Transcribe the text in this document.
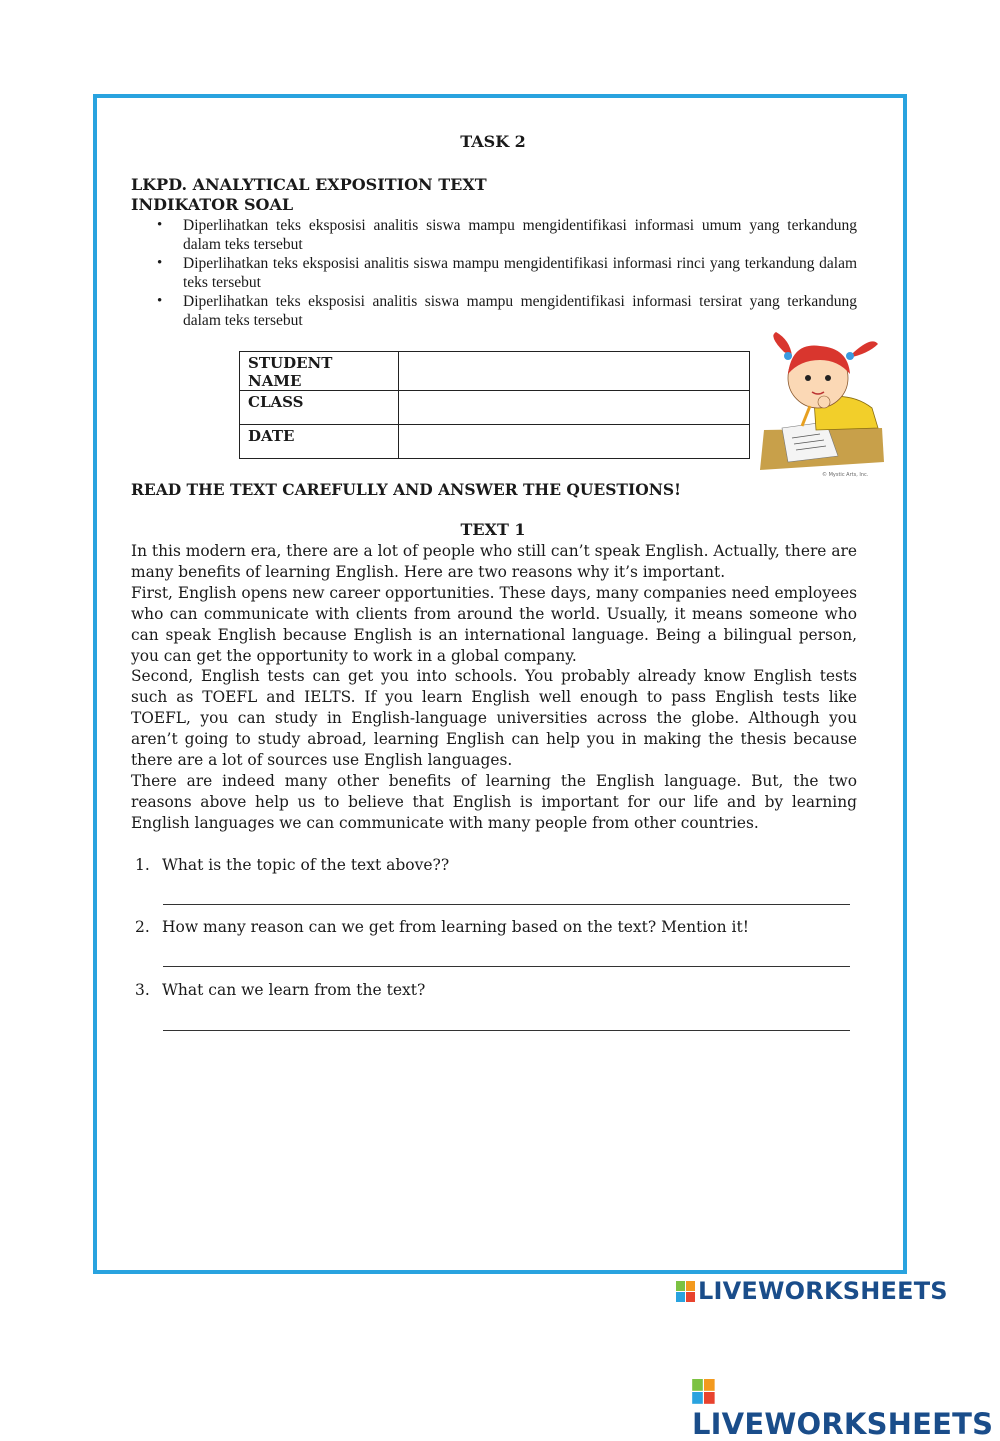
TASK 2
LKPD. ANALYTICAL EXPOSITION TEXT
INDIKATOR SOAL
• Diperlihatkan teks eksposisi analitis siswa mampu mengidentifikasi informasi umum yang terkandung dalam teks tersebut
• Diperlihatkan teks eksposisi analitis siswa mampu mengidentifikasi informasi rinci yang terkandung dalam teks tersebut
• Diperlihatkan teks eksposisi analitis siswa mampu mengidentifikasi informasi tersirat yang terkandung dalam teks tersebut
STUDENT NAME	
CLASS	
DATE	
© Mystic Arts, Inc.
READ THE TEXT CAREFULLY AND ANSWER THE QUESTIONS!
TEXT 1

In this modern era, there are a lot of people who still can’t speak English. Actually, there are many benefits of learning English. Here are two reasons why it’s important.

First, English opens new career opportunities. These days, many companies need employees who can communicate with clients from around the world. Usually, it means someone who can speak English because English is an international language. Being a bilingual person, you can get the opportunity to work in a global company.

Second, English tests can get you into schools. You probably already know English tests such as TOEFL and IELTS. If you learn English well enough to pass English tests like TOEFL, you can study in English-language universities across the globe. Although you aren’t going to study abroad, learning English can help you in making the thesis because there are a lot of sources use English languages.

There are indeed many other benefits of learning the English language. But, the two reasons above help us to believe that English is important for our life and by learning English languages we can communicate with many people from other countries.

1. What is the topic of the text above??
2. How many reason can we get from learning based on the text? Mention it!
3. What can we learn from the text?
LIVEWORKSHEETS
LIVEWORKSHEETS
